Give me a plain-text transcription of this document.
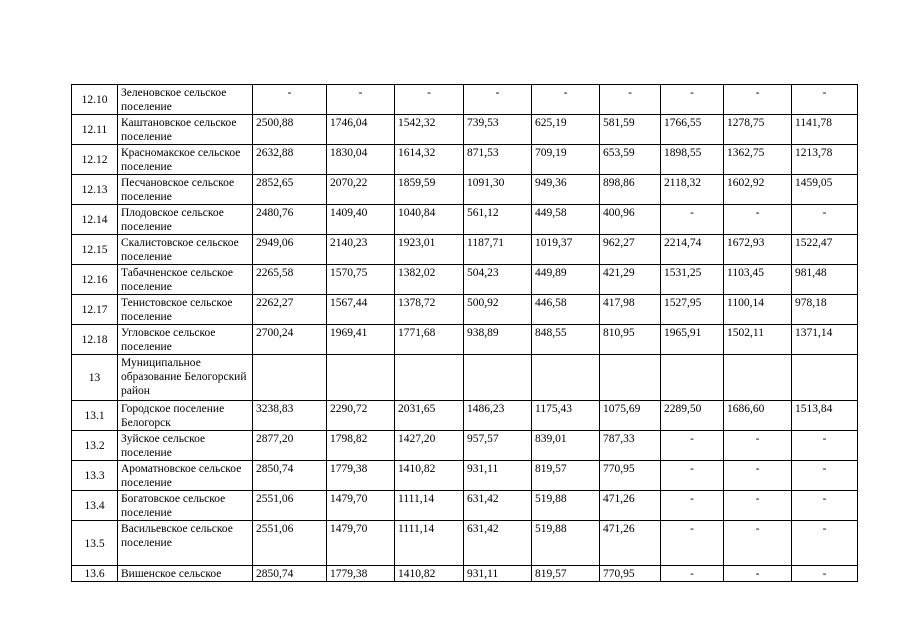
12.10	Зеленовское сельское поселение	-	-	-	-	-	-	-	-	-
12.11	Каштановское сельское поселение	2500,88	1746,04	1542,32	739,53	625,19	581,59	1766,55	1278,75	1141,78
12.12	Красномакское сельское поселение	2632,88	1830,04	1614,32	871,53	709,19	653,59	1898,55	1362,75	1213,78
12.13	Песчановское сельское поселение	2852,65	2070,22	1859,59	1091,30	949,36	898,86	2118,32	1602,92	1459,05
12.14	Плодовское сельское поселение	2480,76	1409,40	1040,84	561,12	449,58	400,96	-	-	-
12.15	Скалистовское сельское поселение	2949,06	2140,23	1923,01	1187,71	1019,37	962,27	2214,74	1672,93	1522,47
12.16	Табачненское сельское поселение	2265,58	1570,75	1382,02	504,23	449,89	421,29	1531,25	1103,45	981,48
12.17	Тенистовское сельское поселение	2262,27	1567,44	1378,72	500,92	446,58	417,98	1527,95	1100,14	978,18
12.18	Угловское сельское поселение	2700,24	1969,41	1771,68	938,89	848,55	810,95	1965,91	1502,11	1371,14
13	Муниципальное образование Белогорский район									
13.1	Городское поселение Белогорск	3238,83	2290,72	2031,65	1486,23	1175,43	1075,69	2289,50	1686,60	1513,84
13.2	Зуйское сельское поселение	2877,20	1798,82	1427,20	957,57	839,01	787,33	-	-	-
13.3	Ароматновское сельское поселение	2850,74	1779,38	1410,82	931,11	819,57	770,95	-	-	-
13.4	Богатовское сельское поселение	2551,06	1479,70	1111,14	631,42	519,88	471,26	-	-	-
13.5	Васильевское сельское поселение	2551,06	1479,70	1111,14	631,42	519,88	471,26	-	-	-
13.6	Вишенское сельское	2850,74	1779,38	1410,82	931,11	819,57	770,95	-	-	-
